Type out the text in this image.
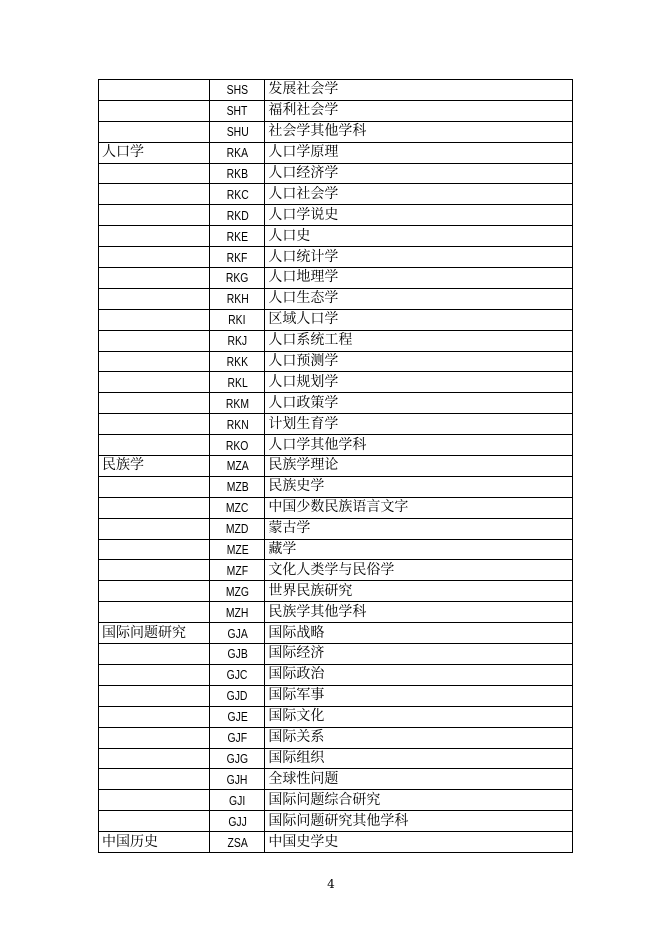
	SHS	发展社会学
	SHT	福利社会学
	SHU	社会学其他学科
人口学	RKA	人口学原理
	RKB	人口经济学
	RKC	人口社会学
	RKD	人口学说史
	RKE	人口史
	RKF	人口统计学
	RKG	人口地理学
	RKH	人口生态学
	RKI	区域人口学
	RKJ	人口系统工程
	RKK	人口预测学
	RKL	人口规划学
	RKM	人口政策学
	RKN	计划生育学
	RKO	人口学其他学科
民族学	MZA	民族学理论
	MZB	民族史学
	MZC	中国少数民族语言文字
	MZD	蒙古学
	MZE	藏学
	MZF	文化人类学与民俗学
	MZG	世界民族研究
	MZH	民族学其他学科
国际问题研究	GJA	国际战略
	GJB	国际经济
	GJC	国际政治
	GJD	国际军事
	GJE	国际文化
	GJF	国际关系
	GJG	国际组织
	GJH	全球性问题
	GJI	国际问题综合研究
	GJJ	国际问题研究其他学科
中国历史	ZSA	中国史学史
4
